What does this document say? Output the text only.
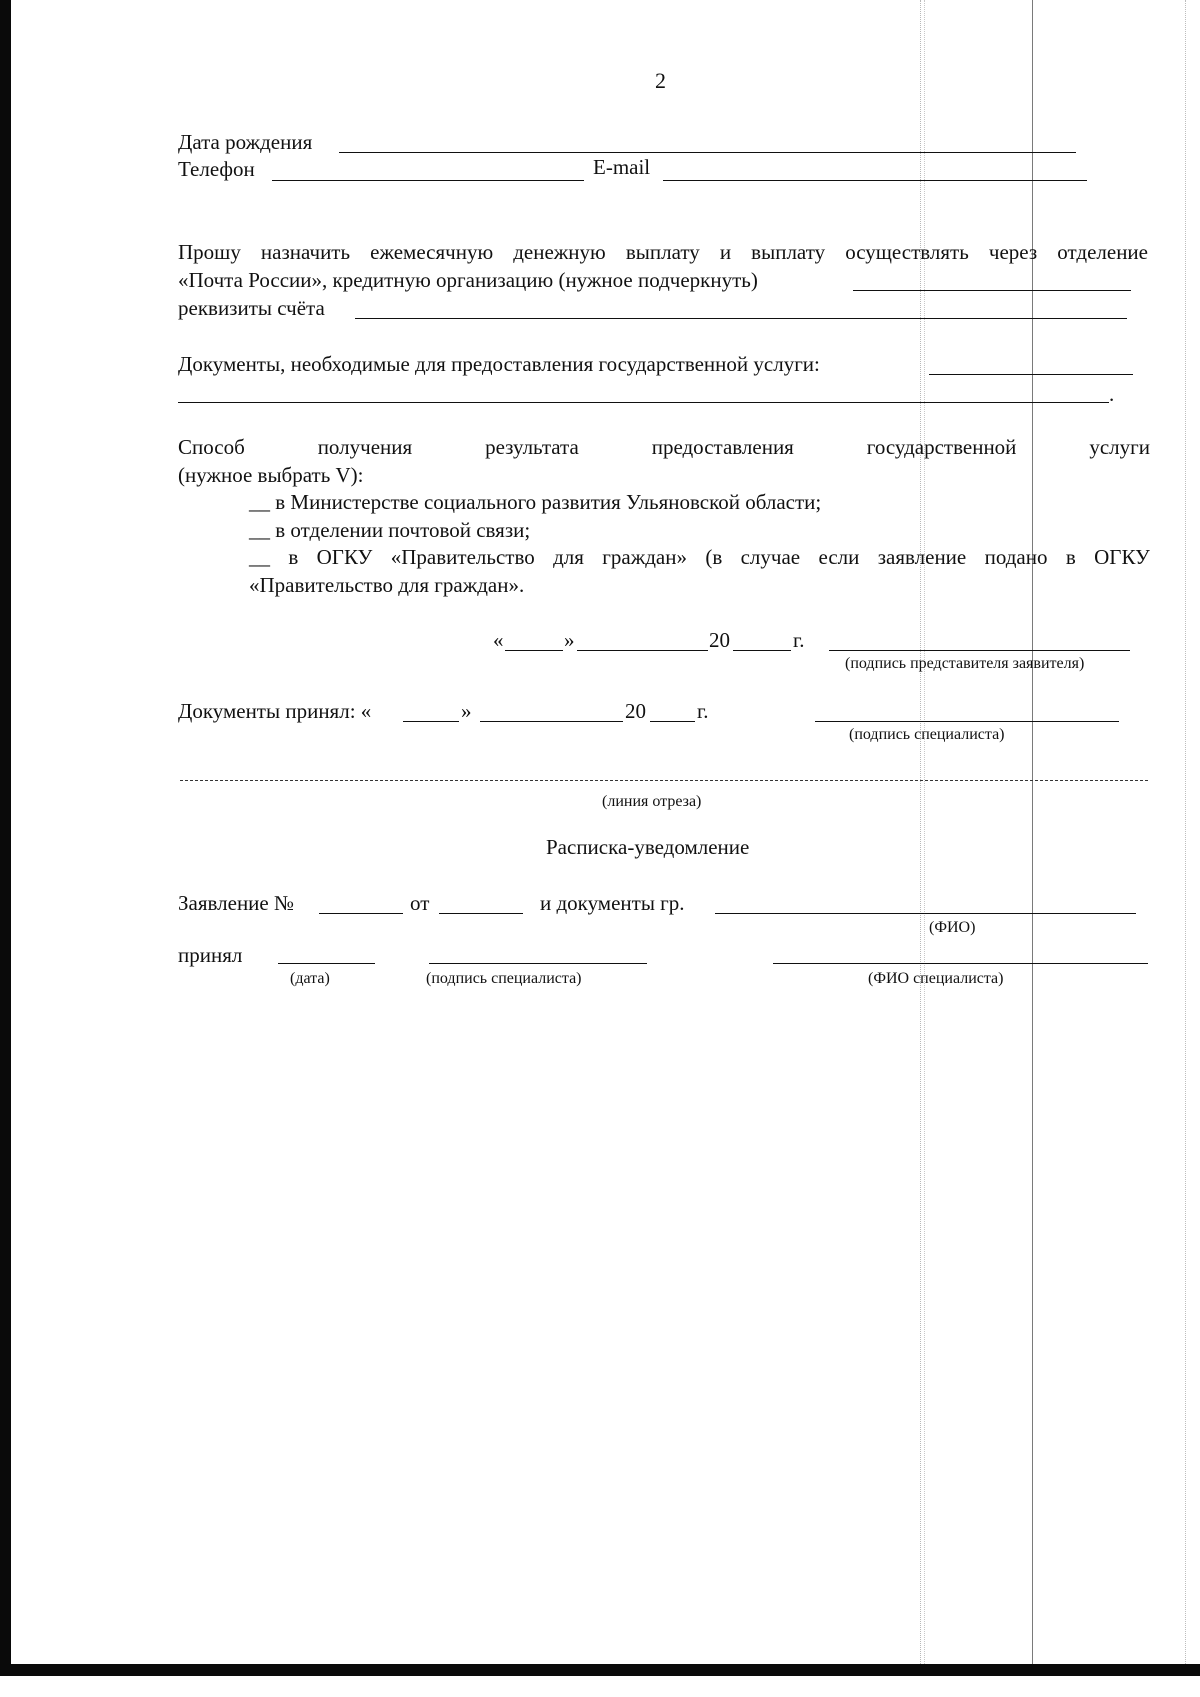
2
Дата рождения
Телефон	E-mail
Прошу назначить ежемесячную денежную выплату и выплату осуществлять через отделение
«Почта России», кредитную организацию (нужное подчеркнуть)
реквизиты счёта
Документы, необходимые для предоставления государственной услуги:
.
Способ	получения	результата	предоставления	государственной	услуги
(нужное выбрать V):
__ в Министерстве социального развития Ульяновской области;
__ в отделении почтовой связи;
__ в ОГКУ «Правительство для граждан» (в случае если заявление подано в ОГКУ
«Правительство для граждан».
«	»	20	г.
(подпись представителя заявителя)
Документы принял: «	»	20 г.
(подпись специалиста)
(линия отреза)
Расписка-уведомление
Заявление №	от	и документы гр.
(ФИО)
принял
(дата)	(подпись специалиста)	(ФИО специалиста)
